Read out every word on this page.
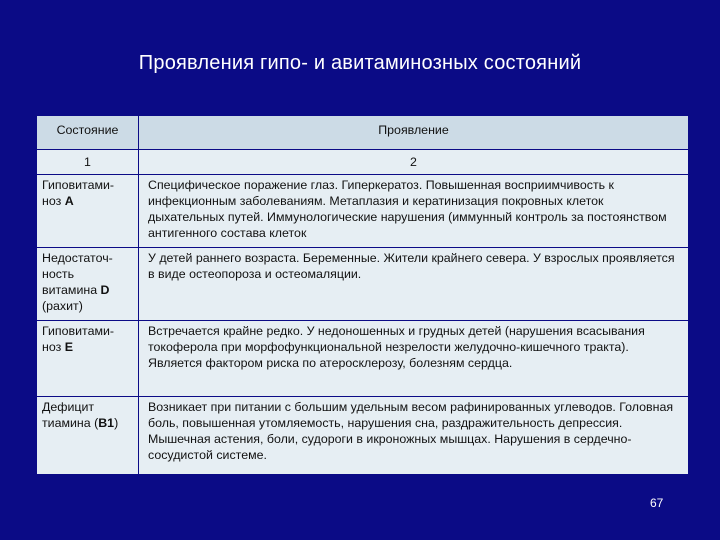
Проявления гипо- и авитаминозных состояний
Состояние	Проявление
1	2
Гиповитами-
ноз А	Специфическое поражение глаз. Гиперкератоз. Повышенная восприимчивость к инфекционным заболеваниям. Метаплазия и кератинизация покровных клеток дыхательных путей. Иммунологические нарушения (иммунный контроль за постоянством антигенного состава клеток
Недостаточ-
ность
витамина D
(рахит)	У детей раннего возраста. Беременные. Жители крайнего севера. У взрослых проявляется в виде остеопороза и остеомаляции.
Гиповитами-
ноз Е	Встречается крайне редко. У недоношенных и грудных детей (нарушения всасывания токоферола при морфофункциональной незрелости желудочно-кишечного тракта). Является фактором риска по атеросклерозу, болезням сердца.
Дефицит
тиамина (В1)	Возникает при питании с большим удельным весом рафинированных углеводов. Головная боль, повышенная утомляемость, нарушения сна, раздражительность депрессия. Мышечная астения, боли, судороги в икроножных мышцах. Нарушения в сердечно-сосудистой системе.
67
